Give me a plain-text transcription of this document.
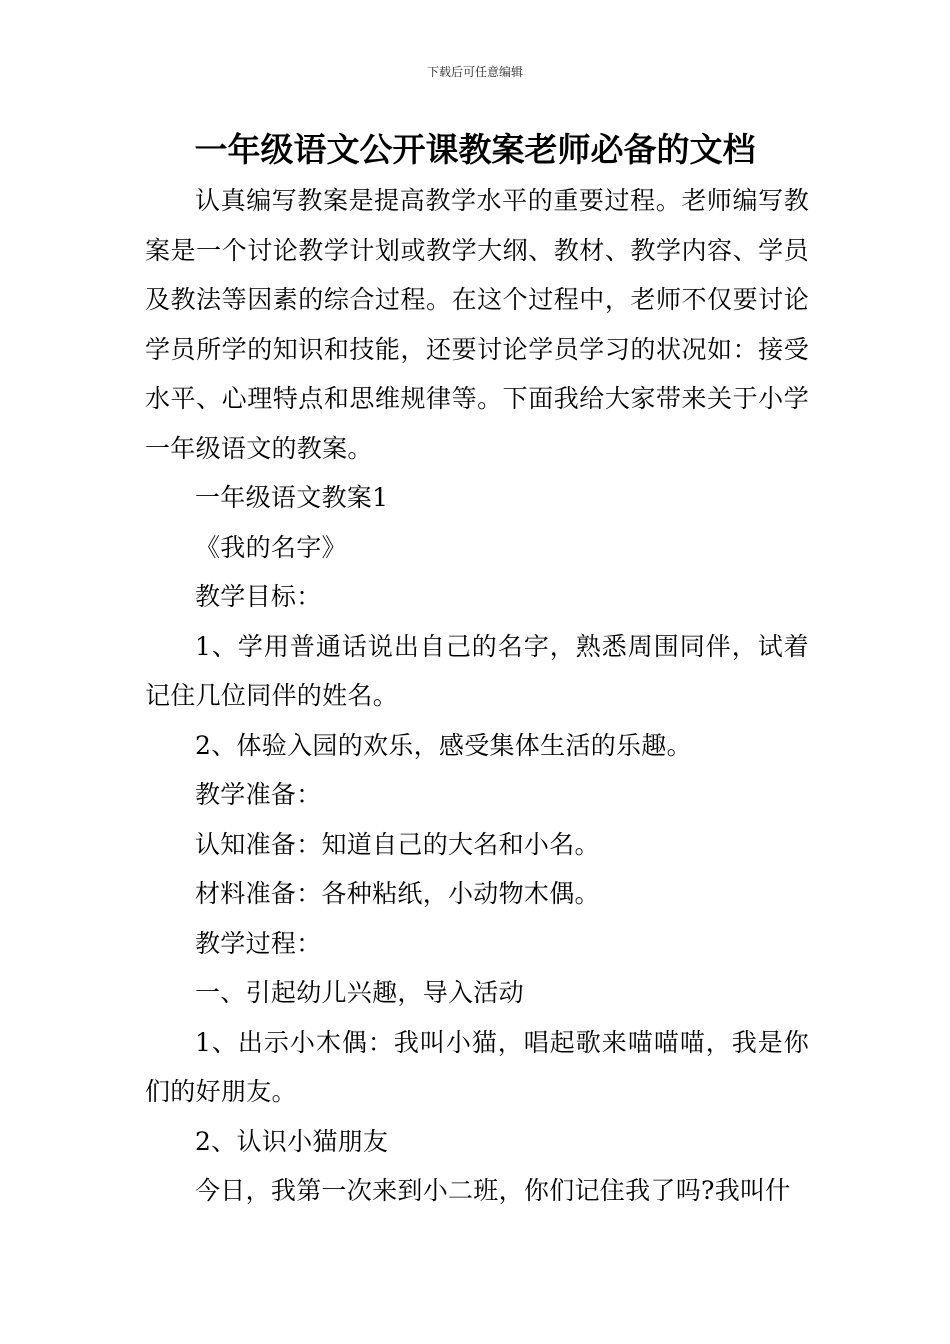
下载后可任意编辑
一年级语文公开课教案老师必备的文档

认真编写教案是提高教学水平的重要过程。老师编写教案是一个讨论教学计划或教学大纲、教材、教学内容、学员及教法等因素的综合过程。在这个过程中，老师不仅要讨论学员所学的知识和技能，还要讨论学员学习的状况如：接受水平、心理特点和思维规律等。下面我给大家带来关于小学一年级语文的教案。

一年级语文教案1

《我的名字》

教学目标：

1、学用普通话说出自己的名字，熟悉周围同伴，试着记住几位同伴的姓名。

2、体验入园的欢乐，感受集体生活的乐趣。

教学准备：

认知准备：知道自己的大名和小名。

材料准备：各种粘纸，小动物木偶。

教学过程：

一、引起幼儿兴趣，导入活动

1、出示小木偶：我叫小猫，唱起歌来喵喵喵，我是你们的好朋友。

2、认识小猫朋友

今日，我第一次来到小二班，你们记住我了吗?我叫什
